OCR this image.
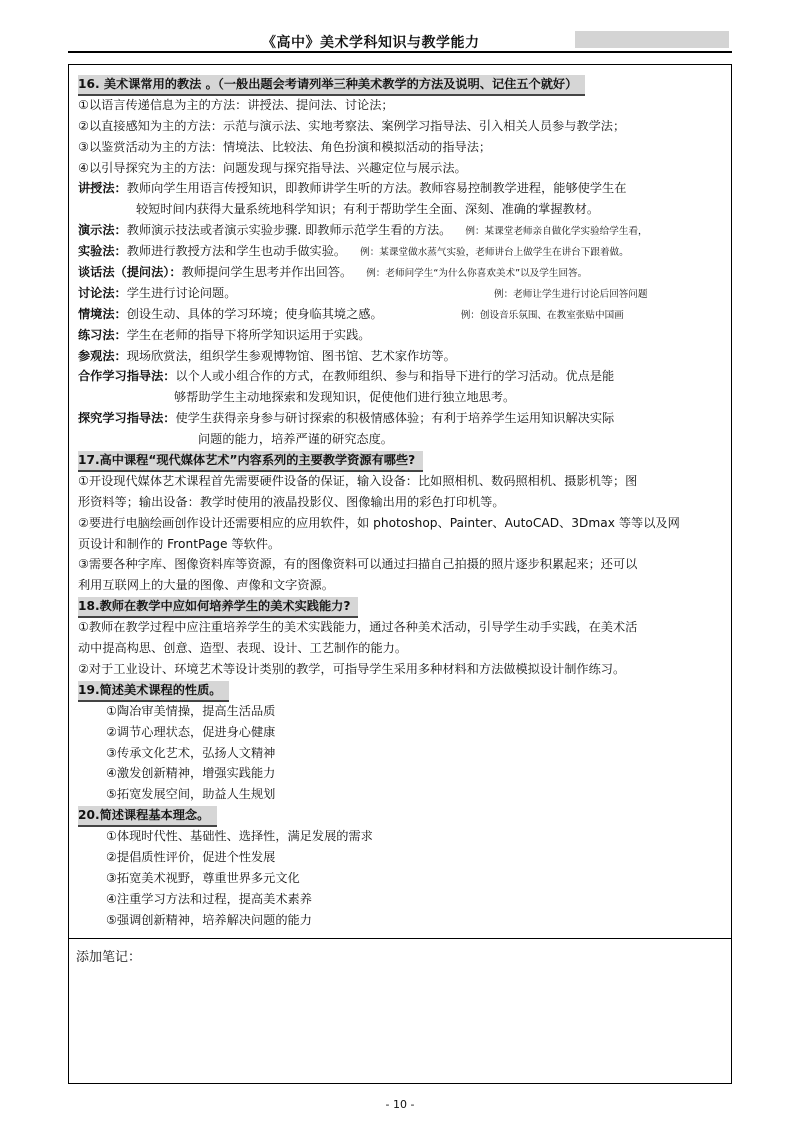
《高中》美术学科知识与教学能力
添加笔记：
16. 美术课常用的教法 。（一般出题会考请列举三种美术教学的方法及说明、记住五个就好）
①以语言传递信息为主的方法：讲授法、提问法、讨论法；
②以直接感知为主的方法：示范与演示法、实地考察法、案例学习指导法、引入相关人员参与教学法；
③以鉴赏活动为主的方法：情境法、比较法、角色扮演和模拟活动的指导法；
④以引导探究为主的方法：问题发现与探究指导法、兴趣定位与展示法。
讲授法：教师向学生用语言传授知识，即教师讲学生听的方法。教师容易控制教学进程，能够使学生在
较短时间内获得大量系统地科学知识；有利于帮助学生全面、深刻、准确的掌握教材。
演示法：教师演示技法或者演示实验步骤. 即教师示范学生看的方法。 例：某课堂老师亲自做化学实验给学生看，
实验法：教师进行教授方法和学生也动手做实验。 例：某课堂做水蒸气实验，老师讲台上做学生在讲台下跟着做。
谈话法（提问法）：教师提问学生思考并作出回答。 例：老师问学生“为什么你喜欢美术”以及学生回答。
讨论法：学生进行讨论问题。	例：老师让学生进行讨论后回答问题
情境法：创设生动、具体的学习环境；使身临其境之感。	例：创设音乐氛围、在教室张贴中国画
练习法：学生在老师的指导下将所学知识运用于实践。
参观法：现场欣赏法，组织学生参观博物馆、图书馆、艺术家作坊等。
合作学习指导法：以个人或小组合作的方式，在教师组织、参与和指导下进行的学习活动。优点是能
够帮助学生主动地探索和发现知识，促使他们进行独立地思考。
探究学习指导法：使学生获得亲身参与研讨探索的积极情感体验；有利于培养学生运用知识解决实际
问题的能力，培养严谨的研究态度。
17.高中课程“现代媒体艺术”内容系列的主要教学资源有哪些?
①开设现代媒体艺术课程首先需要硬件设备的保证，输入设备：比如照相机、数码照相机、摄影机等；图
形资料等；输出设备：教学时使用的液晶投影仪、图像输出用的彩色打印机等。
②要进行电脑绘画创作设计还需要相应的应用软件，如 photoshop、Painter、AutoCAD、3Dmax 等等以及网
页设计和制作的 FrontPage 等软件。
③需要各种字库、图像资料库等资源，有的图像资料可以通过扫描自己拍摄的照片逐步积累起来；还可以
利用互联网上的大量的图像、声像和文字资源。
18.教师在教学中应如何培养学生的美术实践能力?
①教师在教学过程中应注重培养学生的美术实践能力，通过各种美术活动，引导学生动手实践，在美术活
动中提高构思、创意、造型、表现、设计、工艺制作的能力。
②对于工业设计、环境艺术等设计类别的教学，可指导学生采用多种材料和方法做模拟设计制作练习。
19.简述美术课程的性质。
①陶冶审美情操，提高生活品质
②调节心理状态，促进身心健康
③传承文化艺术，弘扬人文精神
④激发创新精神，增强实践能力
⑤拓宽发展空间，助益人生规划
20.简述课程基本理念。
①体现时代性、基础性、选择性，满足发展的需求
②提倡质性评价，促进个性发展
③拓宽美术视野，尊重世界多元文化
④注重学习方法和过程，提高美术素养
⑤强调创新精神，培养解决问题的能力
- 10 -
